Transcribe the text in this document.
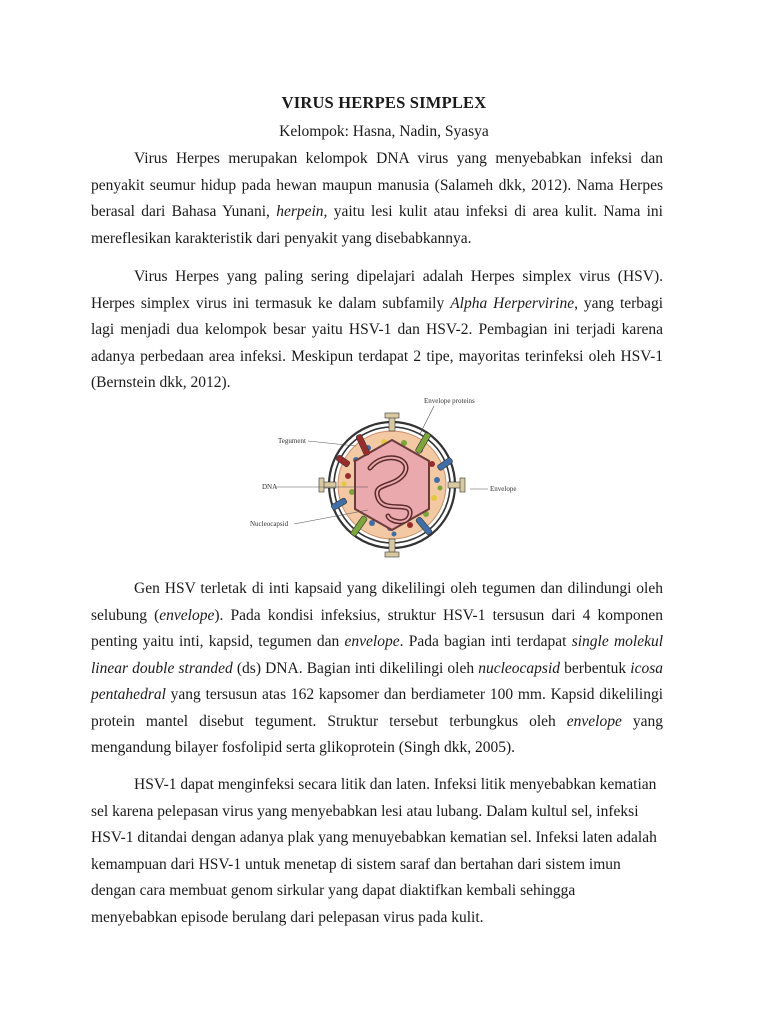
VIRUS HERPES SIMPLEX
Kelompok: Hasna, Nadin, Syasya

Virus Herpes merupakan kelompok DNA virus yang menyebabkan infeksi dan penyakit seumur hidup pada hewan maupun manusia (Salameh dkk, 2012). Nama Herpes berasal dari Bahasa Yunani, herpein, yaitu lesi kulit atau infeksi di area kulit. Nama ini mereflesikan karakteristik dari penyakit yang disebabkannya.

Virus Herpes yang paling sering dipelajari adalah Herpes simplex virus (HSV). Herpes simplex virus ini termasuk ke dalam subfamily Alpha Herpervirine, yang terbagi lagi menjadi dua kelompok besar yaitu HSV-1 dan HSV-2. Pembagian ini terjadi karena adanya perbedaan area infeksi. Meskipun terdapat 2 tipe, mayoritas terinfeksi oleh HSV-1 (Bernstein dkk, 2012).

Envelope proteins
Tegument
DNA	Envelope
Nucleocapsid

Gen HSV terletak di inti kapsaid yang dikelilingi oleh tegumen dan dilindungi oleh selubung (envelope). Pada kondisi infeksius, struktur HSV-1 tersusun dari 4 komponen penting yaitu inti, kapsid, tegumen dan envelope. Pada bagian inti terdapat single molekul linear double stranded (ds) DNA. Bagian inti dikelilingi oleh nucleocapsid berbentuk icosa pentahedral yang tersusun atas 162 kapsomer dan berdiameter 100 mm. Kapsid dikelilingi protein mantel disebut tegument. Struktur tersebut terbungkus oleh envelope yang mengandung bilayer fosfolipid serta glikoprotein (Singh dkk, 2005).

HSV-1 dapat menginfeksi secara litik dan laten. Infeksi litik menyebabkan kematian sel karena pelepasan virus yang menyebabkan lesi atau lubang. Dalam kultul sel, infeksi HSV-1 ditandai dengan adanya plak yang menuyebabkan kematian sel. Infeksi laten adalah kemampuan dari HSV-1 untuk menetap di sistem saraf dan bertahan dari sistem imun dengan cara membuat genom sirkular yang dapat diaktifkan kembali sehingga menyebabkan episode berulang dari pelepasan virus pada kulit.
